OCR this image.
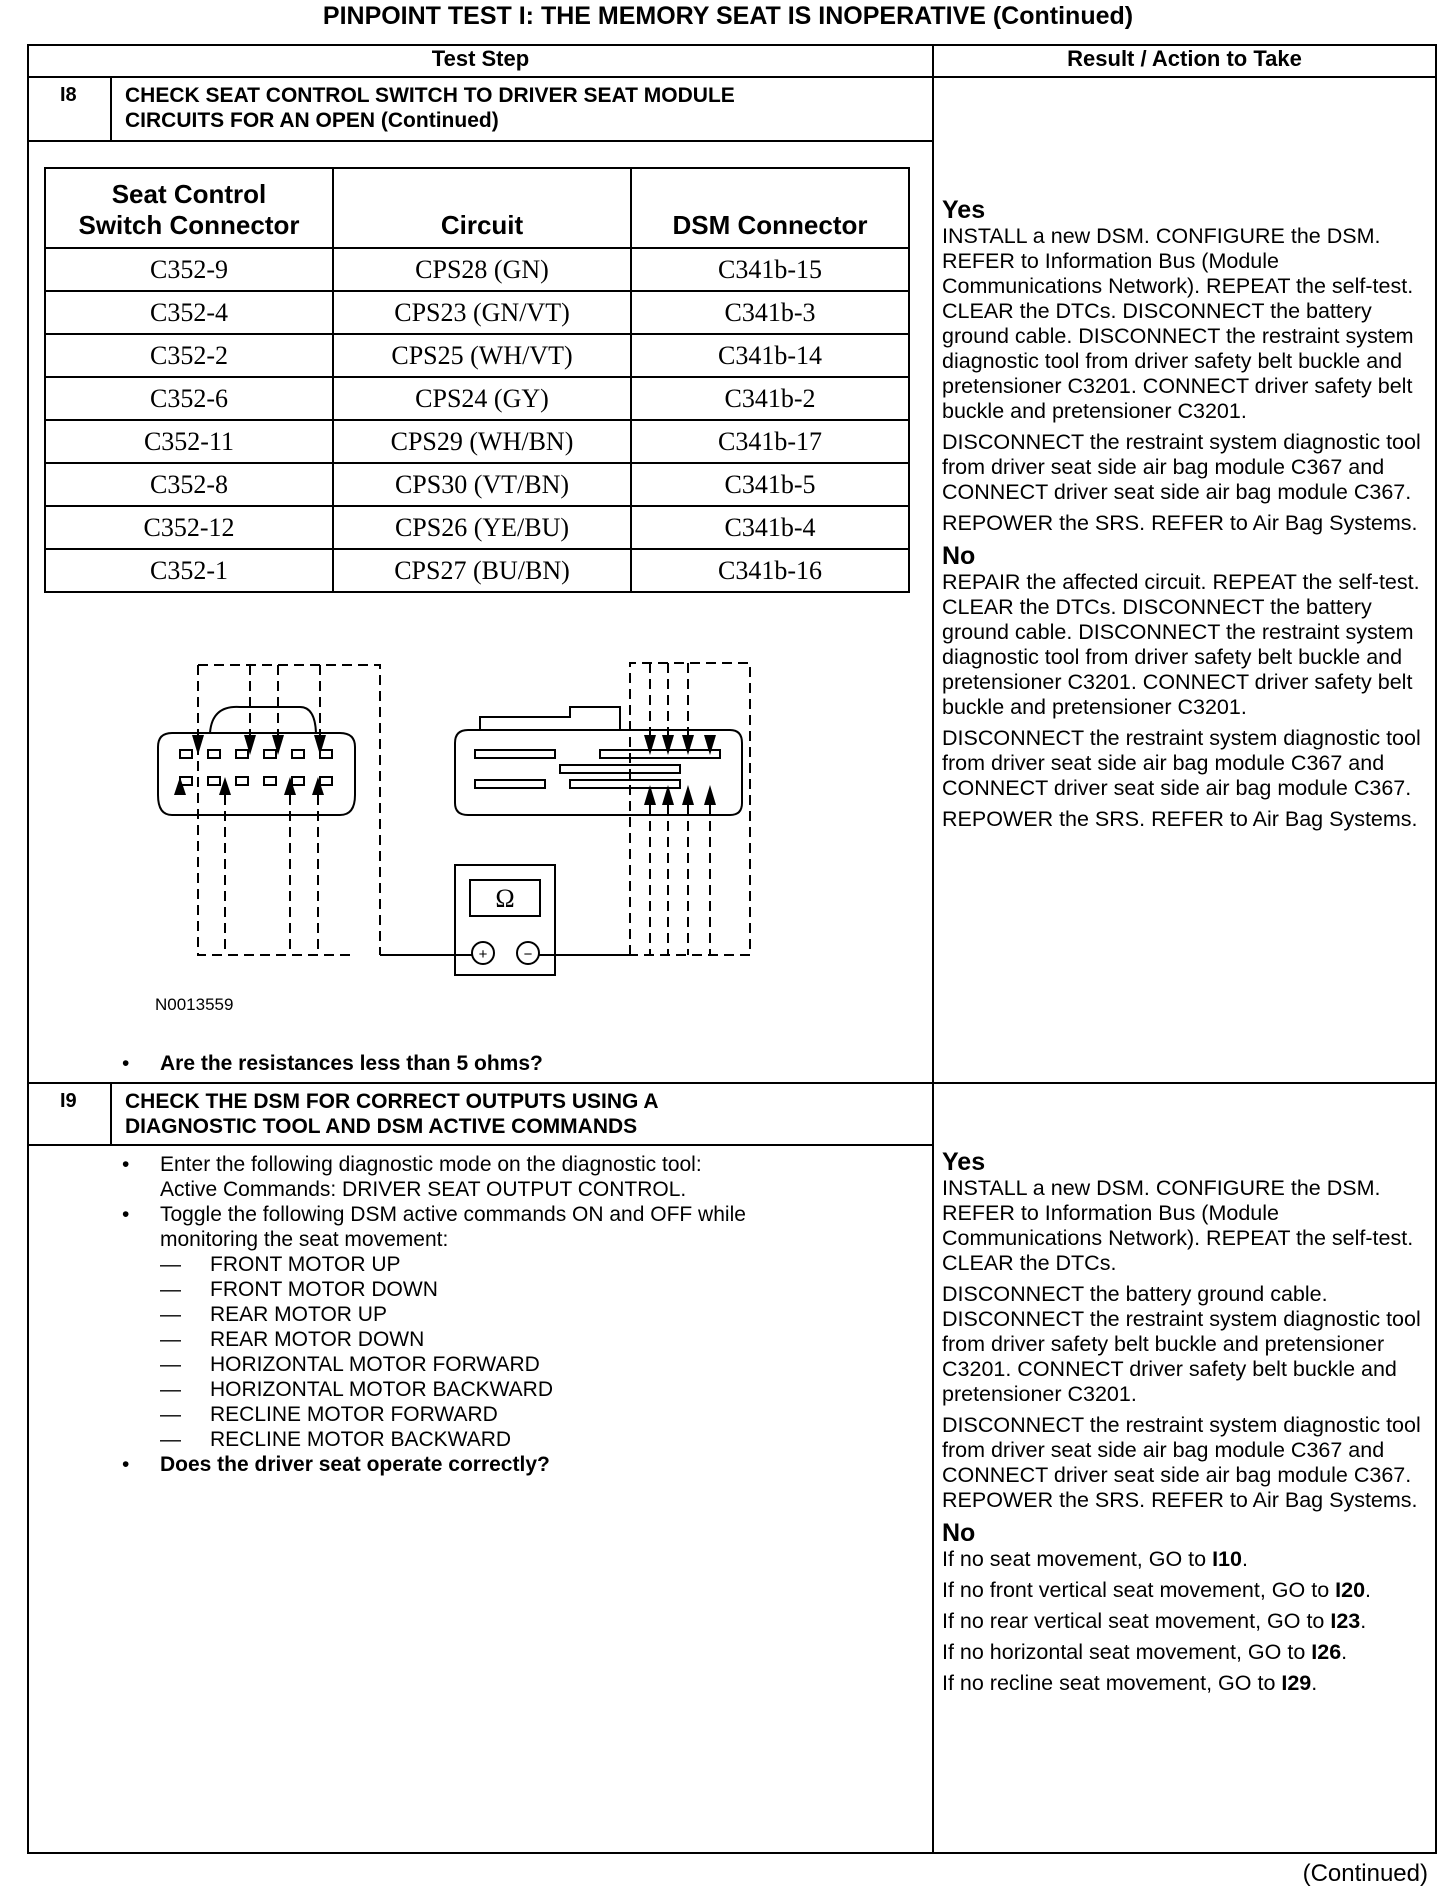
PINPOINT TEST I: THE MEMORY SEAT IS INOPERATIVE (Continued)
Test Step	Result / Action to Take
I8 CHECK SEAT CONTROL SWITCH TO DRIVER SEAT MODULE
CIRCUITS FOR AN OPEN (Continued)
Seat Control
Switch Connector	Circuit	DSM Connector
C352-9	CPS28 (GN)	C341b-15
C352-4	CPS23 (GN/VT)	C341b-3
C352-2	CPS25 (WH/VT)	C341b-14
C352-6	CPS24 (GY)	C341b-2
C352-11	CPS29 (WH/BN)	C341b-17
C352-8	CPS30 (VT/BN)	C341b-5
C352-12	CPS26 (YE/BU)	C341b-4
C352-1	CPS27 (BU/BN)	C341b-16
Ω
+ −
N0013559
• Are the resistances less than 5 ohms?

Yes

INSTALL a new DSM. CONFIGURE the DSM. REFER to Information Bus (Module Communications Network). REPEAT the self-test. CLEAR the DTCs. DISCONNECT the battery ground cable. DISCONNECT the restraint system diagnostic tool from driver safety belt buckle and pretensioner C3201. CONNECT driver safety belt buckle and pretensioner C3201.

DISCONNECT the restraint system diagnostic tool from driver seat side air bag module C367 and CONNECT driver seat side air bag module C367.

REPOWER the SRS. REFER to Air Bag Systems.

No

REPAIR the affected circuit. REPEAT the self-test. CLEAR the DTCs. DISCONNECT the battery ground cable. DISCONNECT the restraint system diagnostic tool from driver safety belt buckle and pretensioner C3201. CONNECT driver safety belt buckle and pretensioner C3201.

DISCONNECT the restraint system diagnostic tool from driver seat side air bag module C367 and CONNECT driver seat side air bag module C367.

REPOWER the SRS. REFER to Air Bag Systems.

I9 CHECK THE DSM FOR CORRECT OUTPUTS USING A
DIAGNOSTIC TOOL AND DSM ACTIVE COMMANDS
• Enter the following diagnostic mode on the diagnostic tool:
Active Commands: DRIVER SEAT OUTPUT CONTROL.
• Toggle the following DSM active commands ON and OFF while
monitoring the seat movement:
— FRONT MOTOR UP
— FRONT MOTOR DOWN
— REAR MOTOR UP
— REAR MOTOR DOWN
— HORIZONTAL MOTOR FORWARD
— HORIZONTAL MOTOR BACKWARD
— RECLINE MOTOR FORWARD
— RECLINE MOTOR BACKWARD
• Does the driver seat operate correctly?

Yes

INSTALL a new DSM. CONFIGURE the DSM. REFER to Information Bus (Module Communications Network). REPEAT the self-test. CLEAR the DTCs.

DISCONNECT the battery ground cable. DISCONNECT the restraint system diagnostic tool from driver safety belt buckle and pretensioner C3201. CONNECT driver safety belt buckle and pretensioner C3201.

DISCONNECT the restraint system diagnostic tool from driver seat side air bag module C367 and CONNECT driver seat side air bag module C367. REPOWER the SRS. REFER to Air Bag Systems.

No

If no seat movement, GO to I10.

If no front vertical seat movement, GO to I20.

If no rear vertical seat movement, GO to I23.

If no horizontal seat movement, GO to I26.

If no recline seat movement, GO to I29.

(Continued)
